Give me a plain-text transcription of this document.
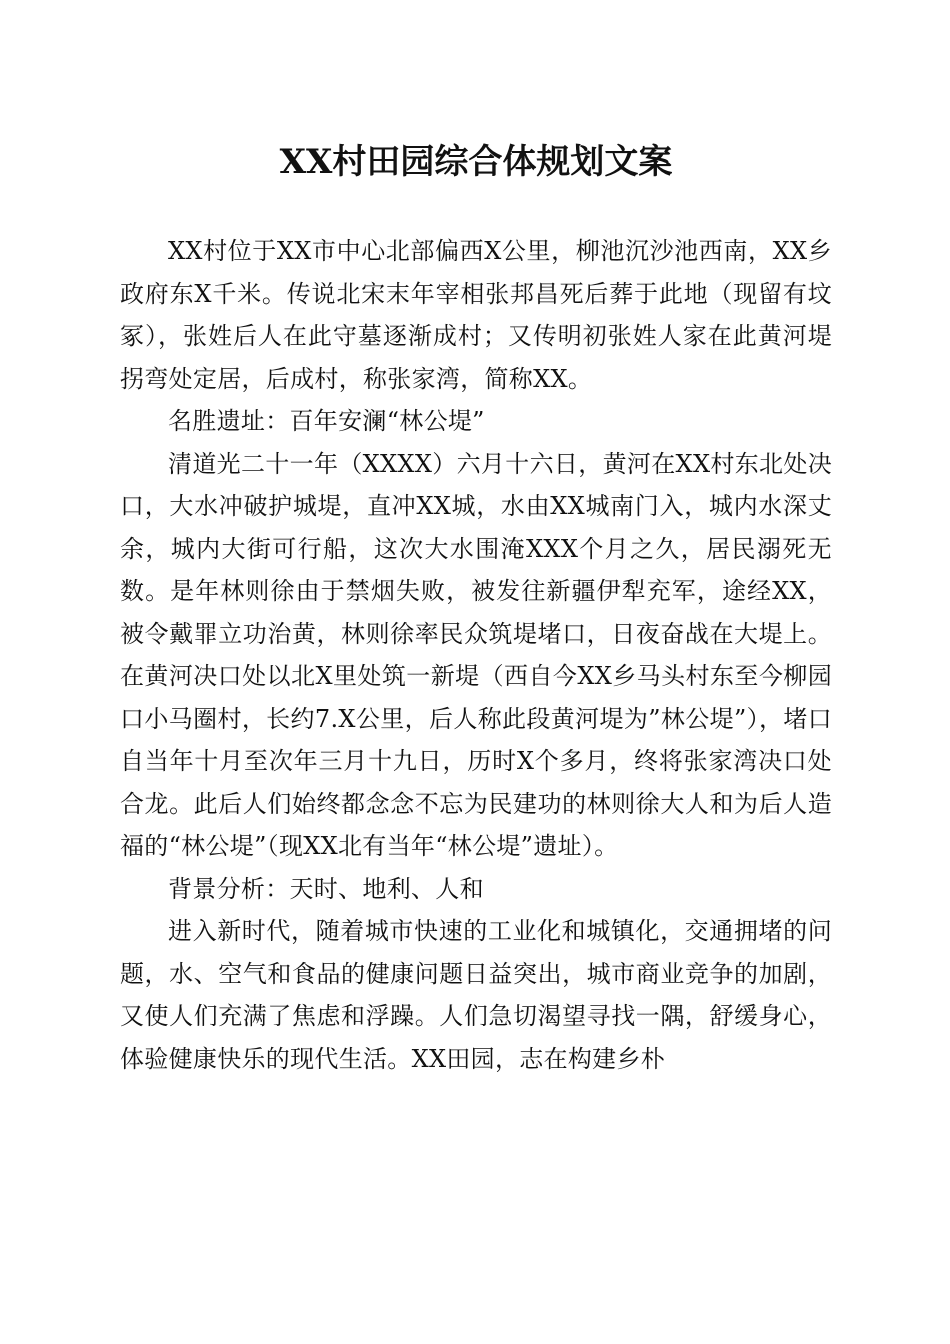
XX村田园综合体规划文案

XX村位于XX市中心北部偏西X公里，柳池沉沙池西南，XX乡政府东X千米。传说北宋末年宰相张邦昌死后葬于此地（现留有坟冢），张姓后人在此守墓逐渐成村；又传明初张姓人家在此黄河堤拐弯处定居，后成村，称张家湾，简称XX。

名胜遗址：百年安澜“林公堤”

清道光二十一年（XXXX）六月十六日，黄河在XX村东北处决口，大水冲破护城堤，直冲XX城，水由XX城南门入，城内水深丈余，城内大街可行船，这次大水围淹XXX个月之久，居民溺死无数。是年林则徐由于禁烟失败，被发往新疆伊犁充军，途经XX，被令戴罪立功治黄，林则徐率民众筑堤堵口，日夜奋战在大堤上。在黄河决口处以北X里处筑一新堤（西自今XX乡马头村东至今柳园口小马圈村，长约7.X公里，后人称此段黄河堤为”林公堤”），堵口自当年十月至次年三月十九日，历时X个多月，终将张家湾决口处合龙。此后人们始终都念念不忘为民建功的林则徐大人和为后人造福的“林公堤”（现XX北有当年“林公堤”遗址）。

背景分析：天时、地利、人和

进入新时代，随着城市快速的工业化和城镇化，交通拥堵的问题，水、空气和食品的健康问题日益突出，城市商业竞争的加剧，又使人们充满了焦虑和浮躁。人们急切渴望寻找一隅，舒缓身心，体验健康快乐的现代生活。XX田园，志在构建乡朴
